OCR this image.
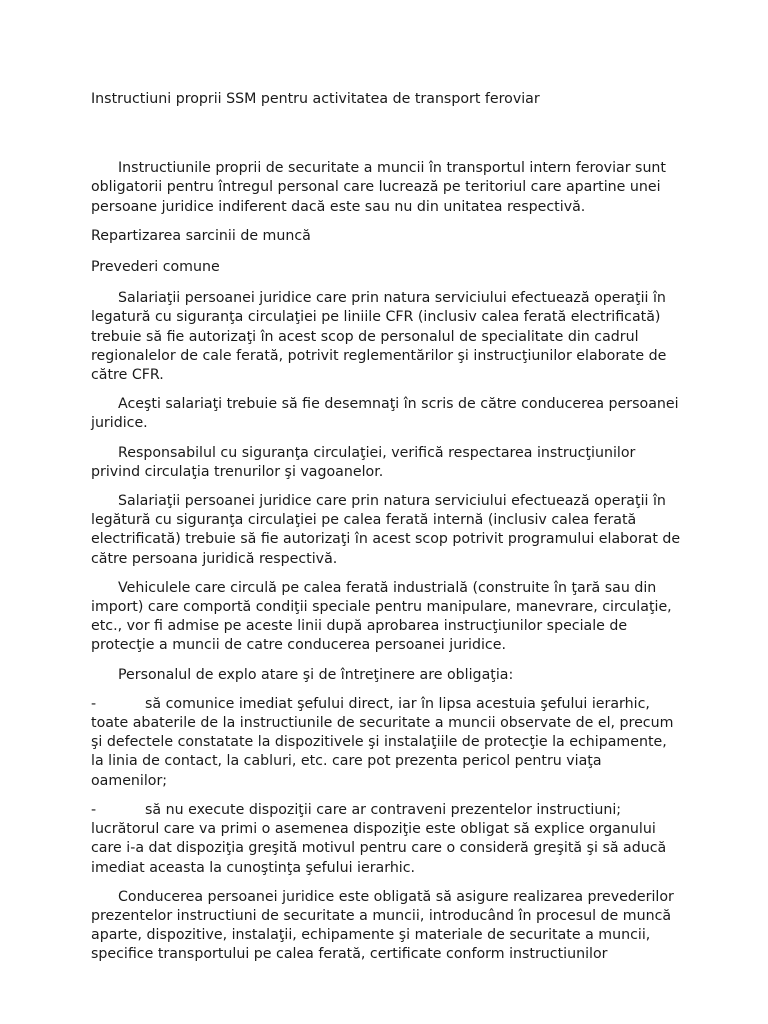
Instructiuni proprii SSM pentru activitatea de transport feroviar

Instructiunile proprii de securitate a muncii în transportul intern feroviar sunt obligatorii pentru întregul personal care lucrează pe teritoriul care apartine unei persoane juridice indiferent dacă este sau nu din unitatea respectivă.

Repartizarea sarcinii de muncă

Prevederi comune

Salariaţii persoanei juridice care prin natura serviciului efectuează operaţii în legatură cu siguranţa circulaţiei pe liniile CFR (inclusiv calea ferată electrificată) trebuie să fie autorizaţi în acest scop de personalul de specialitate din cadrul regionalelor de cale ferată, potrivit reglementărilor şi instrucţiunilor elaborate de către CFR.

Aceşti salariaţi trebuie să fie desemnaţi în scris de către conducerea persoanei juridice.

Responsabilul cu siguranţa circulaţiei, verifică respectarea instrucţiunilor privind circulaţia trenurilor şi vagoanelor.

Salariaţii persoanei juridice care prin natura serviciului efectuează operaţii în legătură cu siguranţa circulaţiei pe calea ferată internă (inclusiv calea ferată electrificată) trebuie să fie autorizaţi în acest scop potrivit programului elaborat de către persoana juridică respectivă.

Vehiculele care circulă pe calea ferată industrială (construite în ţară sau din import) care comportă condiţii speciale pentru manipulare, manevrare, circulaţie, etc., vor fi admise pe aceste linii după aprobarea instrucţiunilor speciale de protecţie a muncii de catre conducerea persoanei juridice.

Personalul de explo atare şi de întreţinere are obligaţia:

-	să comunice imediat şefului direct, iar în lipsa acestuia şefului ierarhic, toate abaterile de la instructiunile de securitate a muncii observate de el, precum şi defectele constatate la dispozitivele şi instalaţiile de protecţie la echipamente, la linia de contact, la cabluri, etc. care pot prezenta pericol pentru viaţa oamenilor;

-	să nu execute dispoziţii care ar contraveni prezentelor instructiuni; lucrătorul care va primi o asemenea dispoziţie este obligat să explice organului care i-a dat dispoziţia greşită motivul pentru care o consideră greşită şi să aducă imediat aceasta la cunoştinţa şefului ierarhic.

Conducerea persoanei juridice este obligată să asigure realizarea prevederilor prezentelor instructiuni de securitate a muncii, introducând în procesul de muncă aparte, dispozitive, instalaţii, echipamente şi materiale de securitate a muncii, specifice transportului pe calea ferată, certificate conform instructiunilor
